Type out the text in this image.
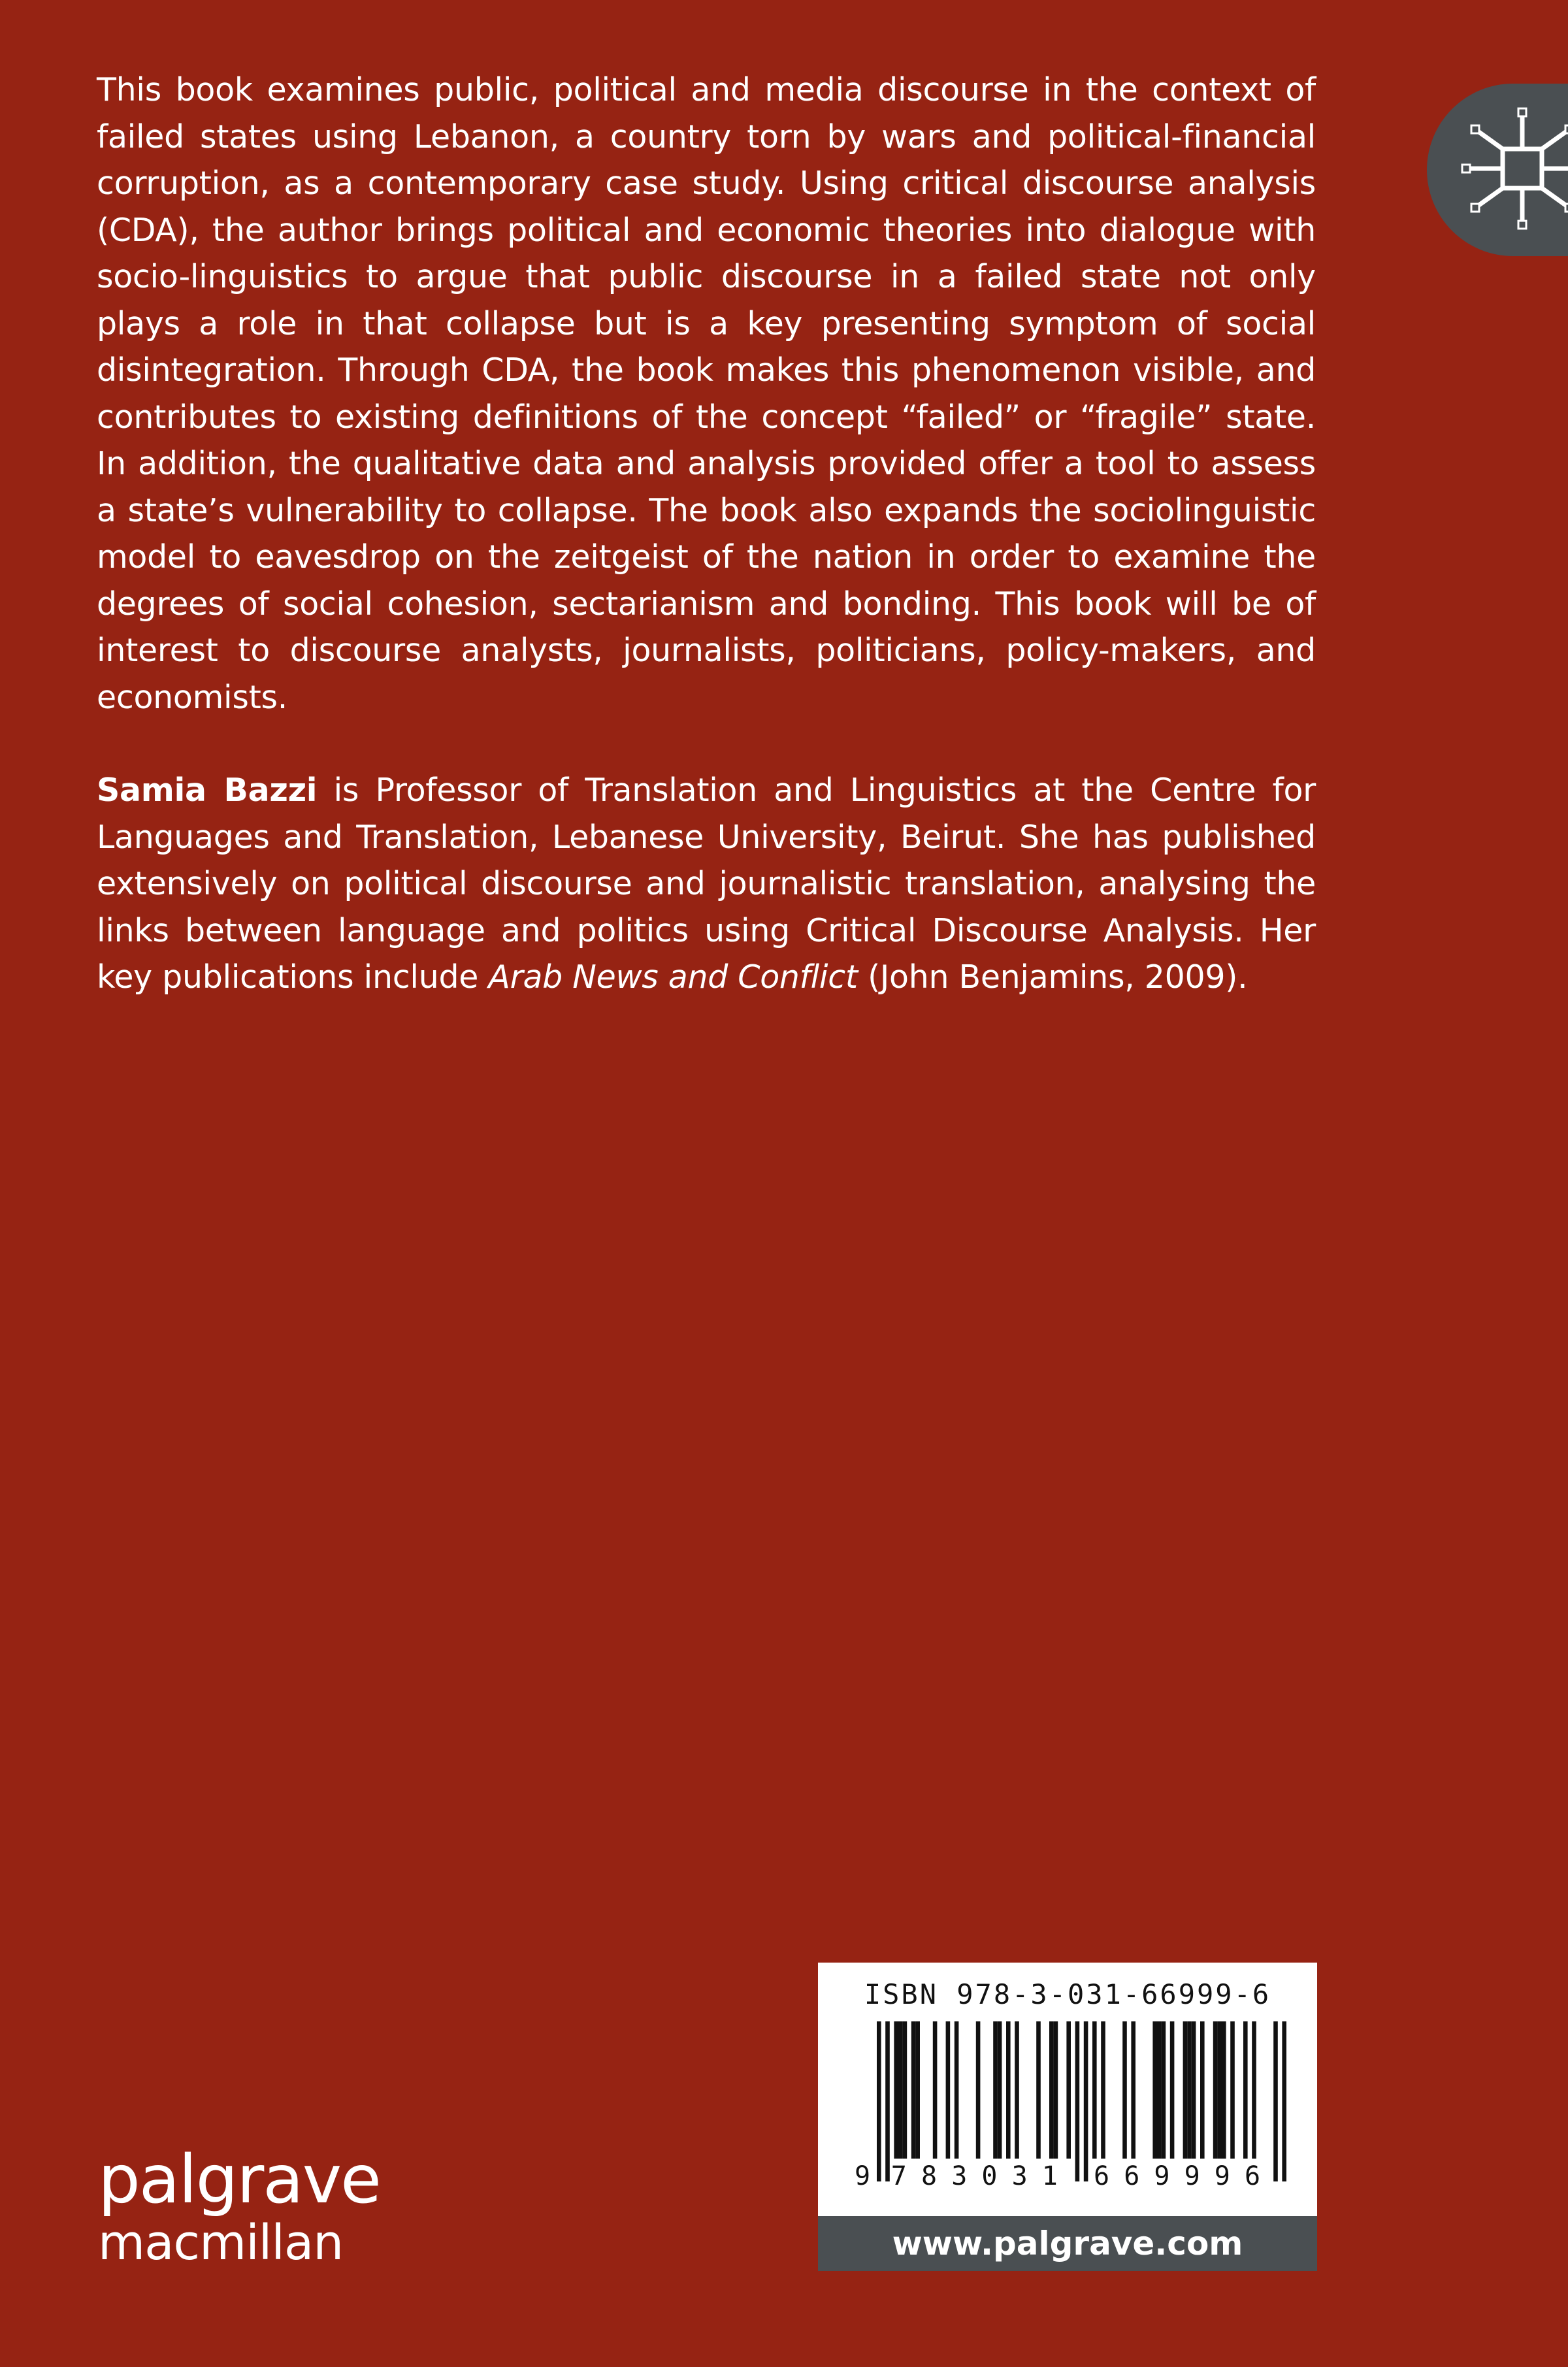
This book examines public, political and media discourse in the context of failed states using Lebanon, a country torn by wars and political-financial corruption, as a contemporary case study. Using critical discourse analysis (CDA), the author brings political and economic theories into dialogue with socio-linguistics to argue that public discourse in a failed state not only plays a role in that collapse but is a key presenting symptom of social disintegration. Through CDA, the book makes this phenomenon visible, and contributes to existing definitions of the concept “failed” or “fragile” state. In addition, the qualitative data and analysis provided offer a tool to assess a state’s vulnerability to collapse. The book also expands the sociolinguistic model to eavesdrop on the zeitgeist of the nation in order to examine the degrees of social cohesion, sectarianism and bonding. This book will be of interest to discourse analysts, journalists, politicians, policy-makers, and economists.

Samia Bazzi is Professor of Translation and Linguistics at the Centre for Languages and Translation, Lebanese University, Beirut. She has published extensively on political discourse and journalistic translation, analysing the links between language and politics using Critical Discourse Analysis. Her key publications include Arab News and Conflict (John Benjamins, 2009).

palgrave
macmillan
ISBN 978-3-031-66999-6
9 7 8 3 0 3 1 6 6 9 9 9 6
www.palgrave.com
